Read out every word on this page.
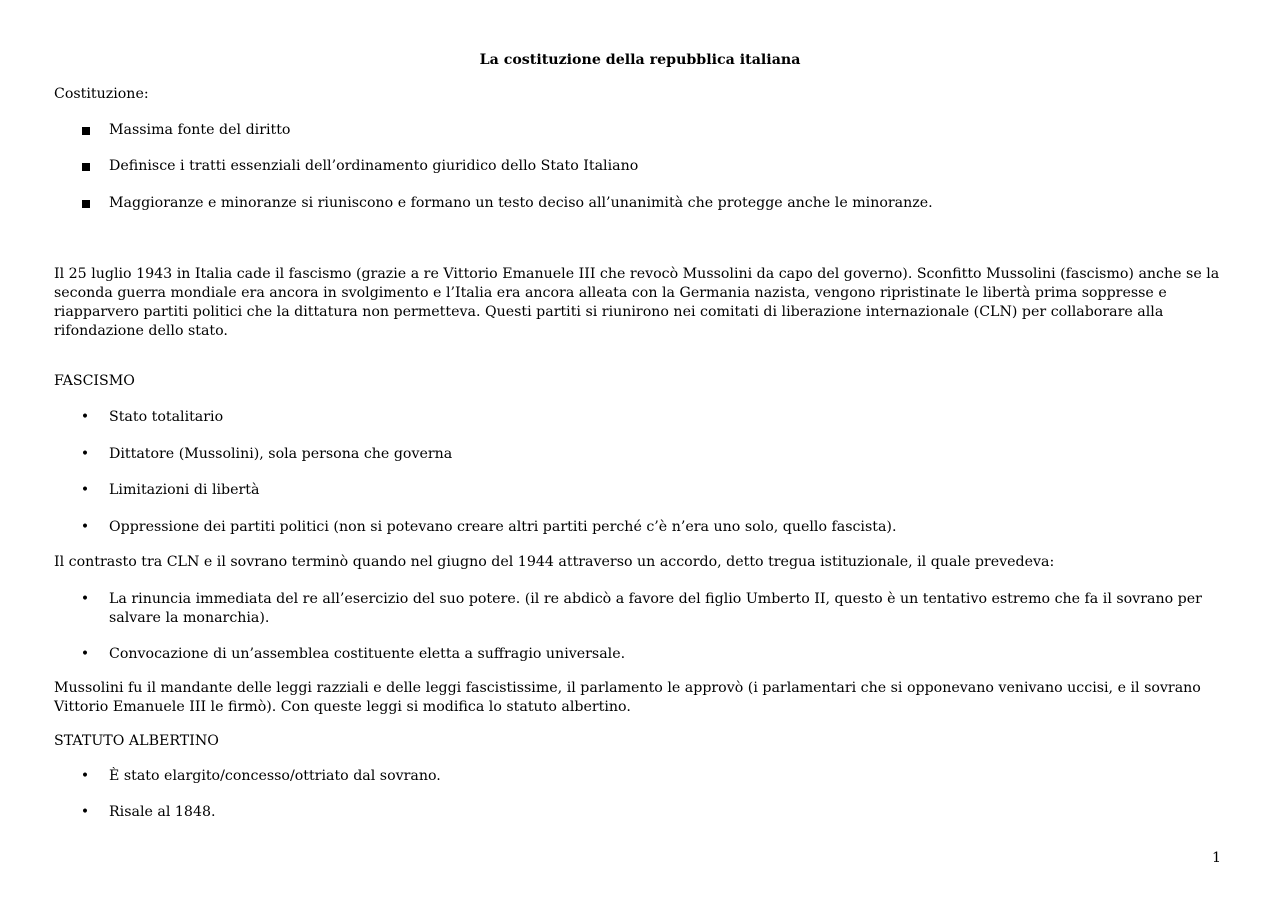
La costituzione della repubblica italiana

Costituzione:

Massima fonte del diritto

Definisce i tratti essenziali dell’ordinamento giuridico dello Stato Italiano

Maggioranze e minoranze si riuniscono e formano un testo deciso all’unanimità che protegge anche le minoranze.

Il 25 luglio 1943 in Italia cade il fascismo (grazie a re Vittorio Emanuele III che revocò Mussolini da capo del governo). Sconfitto Mussolini (fascismo) anche se la seconda guerra mondiale era ancora in svolgimento e l’Italia era ancora alleata con la Germania nazista, vengono ripristinate le libertà prima soppresse e riapparvero partiti politici che la dittatura non permetteva. Questi partiti si riunirono nei comitati di liberazione internazionale (CLN) per collaborare alla rifondazione dello stato.

FASCISMO

• Stato totalitario

• Dittatore (Mussolini), sola persona che governa

• Limitazioni di libertà

• Oppressione dei partiti politici (non si potevano creare altri partiti perché c’è n’era uno solo, quello fascista).

Il contrasto tra CLN e il sovrano terminò quando nel giugno del 1944 attraverso un accordo, detto tregua istituzionale, il quale prevedeva:

• La rinuncia immediata del re all’esercizio del suo potere. (il re abdicò a favore del figlio Umberto II, questo è un tentativo estremo che fa il sovrano per salvare la monarchia).

• Convocazione di un’assemblea costituente eletta a suffragio universale.

Mussolini fu il mandante delle leggi razziali e delle leggi fascistissime, il parlamento le approvò (i parlamentari che si opponevano venivano uccisi, e il sovrano Vittorio Emanuele III le firmò). Con queste leggi si modifica lo statuto albertino.

STATUTO ALBERTINO

• È stato elargito/concesso/ottriato dal sovrano.

• Risale al 1848.

1
